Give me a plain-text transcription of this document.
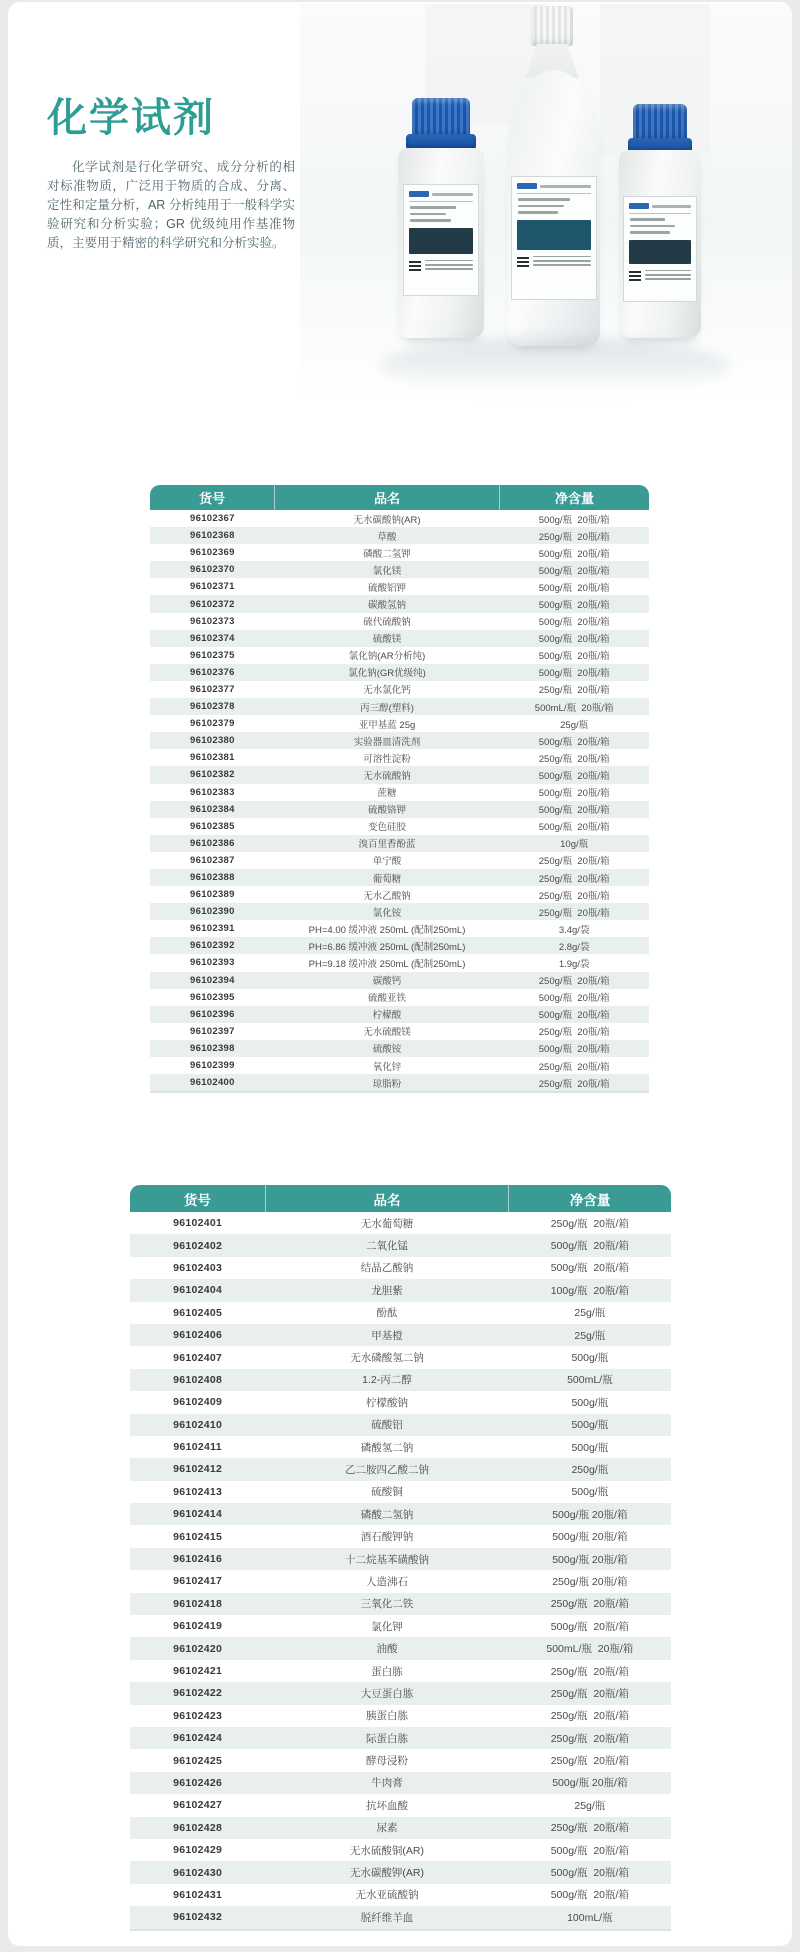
化学试剂

化学试剂是行化学研究、成分分析的相对标准物质，广泛用于物质的合成、分离、定性和定量分析，AR 分析纯用于一般科学实验研究和分析实验；GR 优级纯用作基准物质，主要用于精密的科学研究和分析实验。

货号	品名	净含量
96102367	无水碳酸钠(AR)	500g/瓶  20瓶/箱
96102368	草酸	250g/瓶  20瓶/箱
96102369	磷酸二氢钾	500g/瓶  20瓶/箱
96102370	氯化镁	500g/瓶  20瓶/箱
96102371	硫酸铝钾	500g/瓶  20瓶/箱
96102372	碳酸氢钠	500g/瓶  20瓶/箱
96102373	硫代硫酸钠	500g/瓶  20瓶/箱
96102374	硫酸镁	500g/瓶  20瓶/箱
96102375	氯化钠(AR分析纯)	500g/瓶  20瓶/箱
96102376	氯化钠(GR优级纯)	500g/瓶  20瓶/箱
96102377	无水氯化钙	250g/瓶  20瓶/箱
96102378	丙三醇(塑料)	500mL/瓶  20瓶/箱
96102379	亚甲基蓝 25g	25g/瓶
96102380	实验器皿清洗剂	500g/瓶  20瓶/箱
96102381	可溶性淀粉	250g/瓶  20瓶/箱
96102382	无水硫酸钠	500g/瓶  20瓶/箱
96102383	蔗糖	500g/瓶  20瓶/箱
96102384	硫酸铬钾	500g/瓶  20瓶/箱
96102385	变色硅胶	500g/瓶  20瓶/箱
96102386	溴百里香酚蓝	10g/瓶
96102387	单宁酸	250g/瓶  20瓶/箱
96102388	葡萄糖	250g/瓶  20瓶/箱
96102389	无水乙酸钠	250g/瓶  20瓶/箱
96102390	氯化铵	250g/瓶  20瓶/箱
96102391	PH=4.00 缓冲液 250mL (配制250mL)	3.4g/袋
96102392	PH=6.86 缓冲液 250mL (配制250mL)	2.8g/袋
96102393	PH=9.18 缓冲液 250mL (配制250mL)	1.9g/袋
96102394	碳酸钙	250g/瓶  20瓶/箱
96102395	硫酸亚铁	500g/瓶  20瓶/箱
96102396	柠檬酸	500g/瓶  20瓶/箱
96102397	无水硫酸镁	250g/瓶  20瓶/箱
96102398	硫酸铵	500g/瓶  20瓶/箱
96102399	氧化锌	250g/瓶  20瓶/箱
96102400	琼脂粉	250g/瓶  20瓶/箱
货号	品名	净含量
96102401	无水葡萄糖	250g/瓶  20瓶/箱
96102402	二氧化锰	500g/瓶  20瓶/箱
96102403	结晶乙酸钠	500g/瓶  20瓶/箱
96102404	龙胆紫	100g/瓶  20瓶/箱
96102405	酚酞	25g/瓶
96102406	甲基橙	25g/瓶
96102407	无水磷酸氢二钠	500g/瓶
96102408	1.2-丙二醇	500mL/瓶
96102409	柠檬酸钠	500g/瓶
96102410	硫酸铝	500g/瓶
96102411	磷酸氢二钠	500g/瓶
96102412	乙二胺四乙酸二钠	250g/瓶
96102413	硫酸铜	500g/瓶
96102414	磷酸二氢钠	500g/瓶 20瓶/箱
96102415	酒石酸钾钠	500g/瓶 20瓶/箱
96102416	十二烷基苯磺酸钠	500g/瓶 20瓶/箱
96102417	人造沸石	250g/瓶 20瓶/箱
96102418	三氧化二铁	250g/瓶  20瓶/箱
96102419	氯化钾	500g/瓶  20瓶/箱
96102420	油酸	500mL/瓶  20瓶/箱
96102421	蛋白胨	250g/瓶  20瓶/箱
96102422	大豆蛋白胨	250g/瓶  20瓶/箱
96102423	胰蛋白胨	250g/瓶  20瓶/箱
96102424	际蛋白胨	250g/瓶  20瓶/箱
96102425	酵母浸粉	250g/瓶  20瓶/箱
96102426	牛肉膏	500g/瓶 20瓶/箱
96102427	抗坏血酸	25g/瓶
96102428	尿素	250g/瓶  20瓶/箱
96102429	无水硫酸铜(AR)	500g/瓶  20瓶/箱
96102430	无水碳酸钾(AR)	500g/瓶  20瓶/箱
96102431	无水亚硫酸钠	500g/瓶  20瓶/箱
96102432	脱纤维羊血	100mL/瓶
